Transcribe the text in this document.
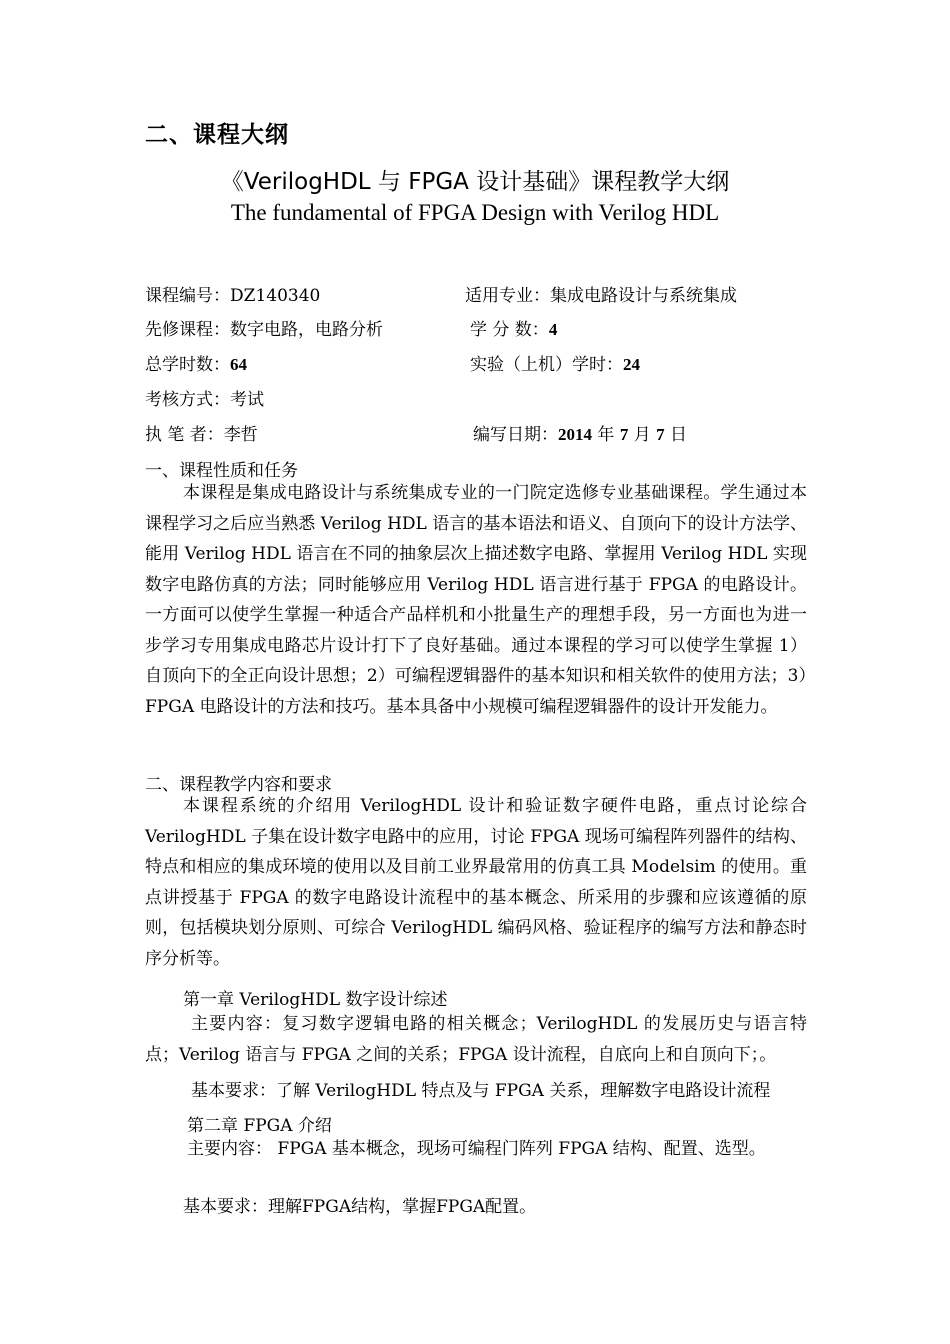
二、课程大纲
《VerilogHDL 与 FPGA 设计基础》课程教学大纲
The fundamental of FPGA Design with Verilog HDL
课程编号：DZ140340	适用专业：集成电路设计与系统集成
先修课程：数字电路，电路分析	学 分 数：4
总学时数：64	实验（上机）学时：24
考核方式：考试
执 笔 者：李哲	编写日期：2014 年 7 月 7 日
一、课程性质和任务

本课程是集成电路设计与系统集成专业的一门院定选修专业基础课程。学生通过本课程学习之后应当熟悉 Verilog HDL 语言的基本语法和语义、自顶向下的设计方法学、能用 Verilog HDL 语言在不同的抽象层次上描述数字电路、掌握用 Verilog HDL 实现数字电路仿真的方法；同时能够应用 Verilog HDL 语言进行基于 FPGA 的电路设计。一方面可以使学生掌握一种适合产品样机和小批量生产的理想手段，另一方面也为进一步学习专用集成电路芯片设计打下了良好基础。通过本课程的学习可以使学生掌握 1）自顶向下的全正向设计思想；2）可编程逻辑器件的基本知识和相关软件的使用方法；3）FPGA 电路设计的方法和技巧。基本具备中小规模可编程逻辑器件的设计开发能力。

二、课程教学内容和要求

本课程系统的介绍用 VerilogHDL 设计和验证数字硬件电路，重点讨论综合 VerilogHDL 子集在设计数字电路中的应用，讨论 FPGA 现场可编程阵列器件的结构、特点和相应的集成环境的使用以及目前工业界最常用的仿真工具 Modelsim 的使用。重点讲授基于 FPGA 的数字电路设计流程中的基本概念、所采用的步骤和应该遵循的原则，包括模块划分原则、可综合 VerilogHDL 编码风格、验证程序的编写方法和静态时序分析等。

第一章 VerilogHDL 数字设计综述

主要内容：复习数字逻辑电路的相关概念；VerilogHDL 的发展历史与语言特点；Verilog 语言与 FPGA 之间的关系；FPGA 设计流程，自底向上和自顶向下；。

基本要求：了解 VerilogHDL 特点及与 FPGA 关系，理解数字电路设计流程
第二章 FPGA 介绍

主要内容： FPGA 基本概念，现场可编程门阵列 FPGA 结构、配置、选型。

基本要求：理解FPGA结构，掌握FPGA配置。
